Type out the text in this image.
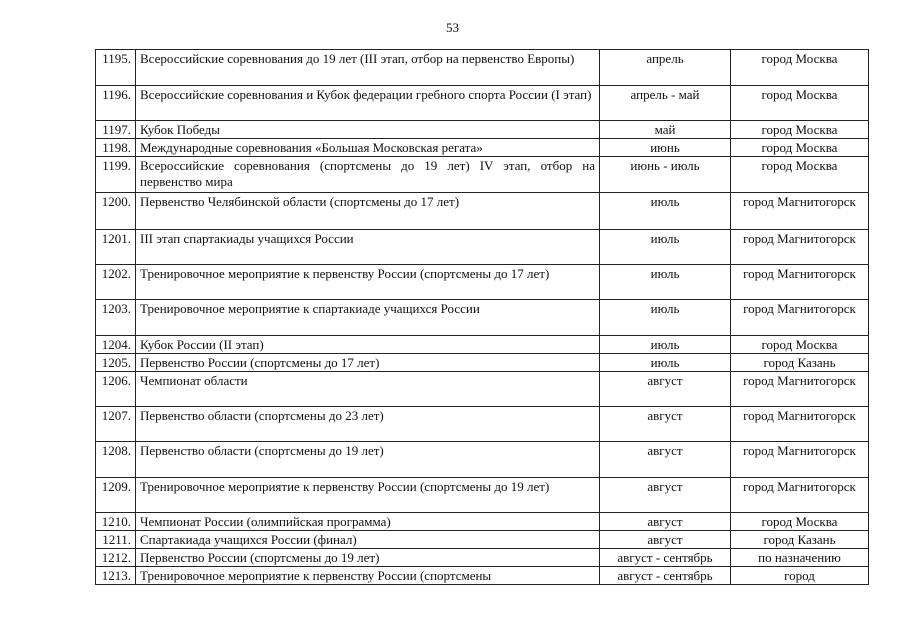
53
1195.	Всероссийские соревнования до 19 лет (III этап, отбор на первенство Европы)	апрель	город Москва
1196.	Всероссийские соревнования и Кубок федерации гребного спорта России (I этап)	апрель - май	город Москва
1197.	Кубок Победы	май	город Москва
1198.	Международные соревнования «Большая Московская регата»	июнь	город Москва
1199.	Всероссийские соревнования (спортсмены до 19 лет) IV этап, отбор на первенство мира	июнь - июль	город Москва
1200.	Первенство Челябинской области (спортсмены до 17 лет)	июль	город Магнитогорск
1201.	III этап спартакиады учащихся России	июль	город Магнитогорск
1202.	Тренировочное мероприятие к первенству России (спортсмены до 17 лет)	июль	город Магнитогорск
1203.	Тренировочное мероприятие к спартакиаде учащихся России	июль	город Магнитогорск
1204.	Кубок России (II этап)	июль	город Москва
1205.	Первенство России (спортсмены до 17 лет)	июль	город Казань
1206.	Чемпионат области	август	город Магнитогорск
1207.	Первенство области (спортсмены до 23 лет)	август	город Магнитогорск
1208.	Первенство области (спортсмены до 19 лет)	август	город Магнитогорск
1209.	Тренировочное мероприятие к первенству России (спортсмены до 19 лет)	август	город Магнитогорск
1210.	Чемпионат России (олимпийская программа)	август	город Москва
1211.	Спартакиада учащихся России (финал)	август	город Казань
1212.	Первенство России (спортсмены до 19 лет)	август - сентябрь	по назначению
1213.	Тренировочное мероприятие к первенству России (спортсмены	август - сентябрь	город
